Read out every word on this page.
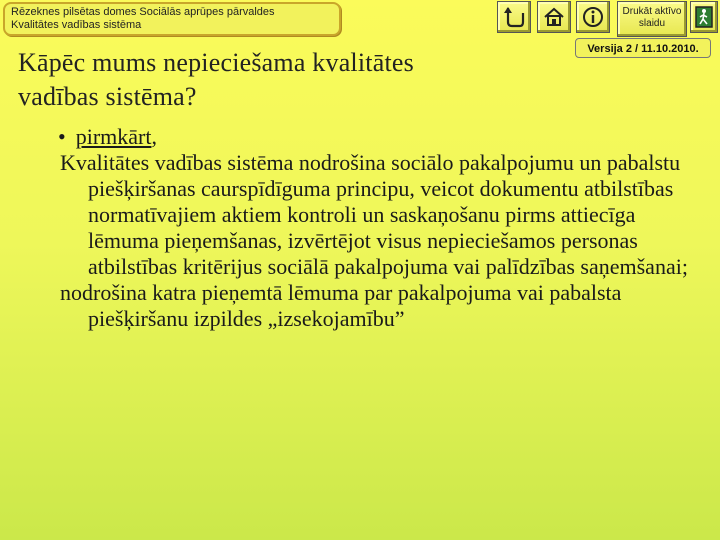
Rēzeknes pilsētas domes Sociālās aprūpes pārvaldes
Kvalitātes vadības sistēma
Drukāt aktīvo
slaidu
Versija 2 / 11.10.2010.
Kāpēc mums nepieciešama kvalitātes
vadības sistēma?

• pirmkārt,

Kvalitātes vadības sistēma nodrošina sociālo pakalpojumu un pabalstu piešķiršanas caurspīdīguma principu, veicot dokumentu atbilstības normatīvajiem aktiem kontroli un saskaņošanu pirms attiecīga lēmuma pieņemšanas, izvērtējot visus nepieciešamos personas atbilstības kritērijus sociālā pakalpojuma vai palīdzības saņemšanai;

nodrošina katra pieņemtā lēmuma par pakalpojuma vai pabalsta piešķiršanu izpildes „izsekojamību”
